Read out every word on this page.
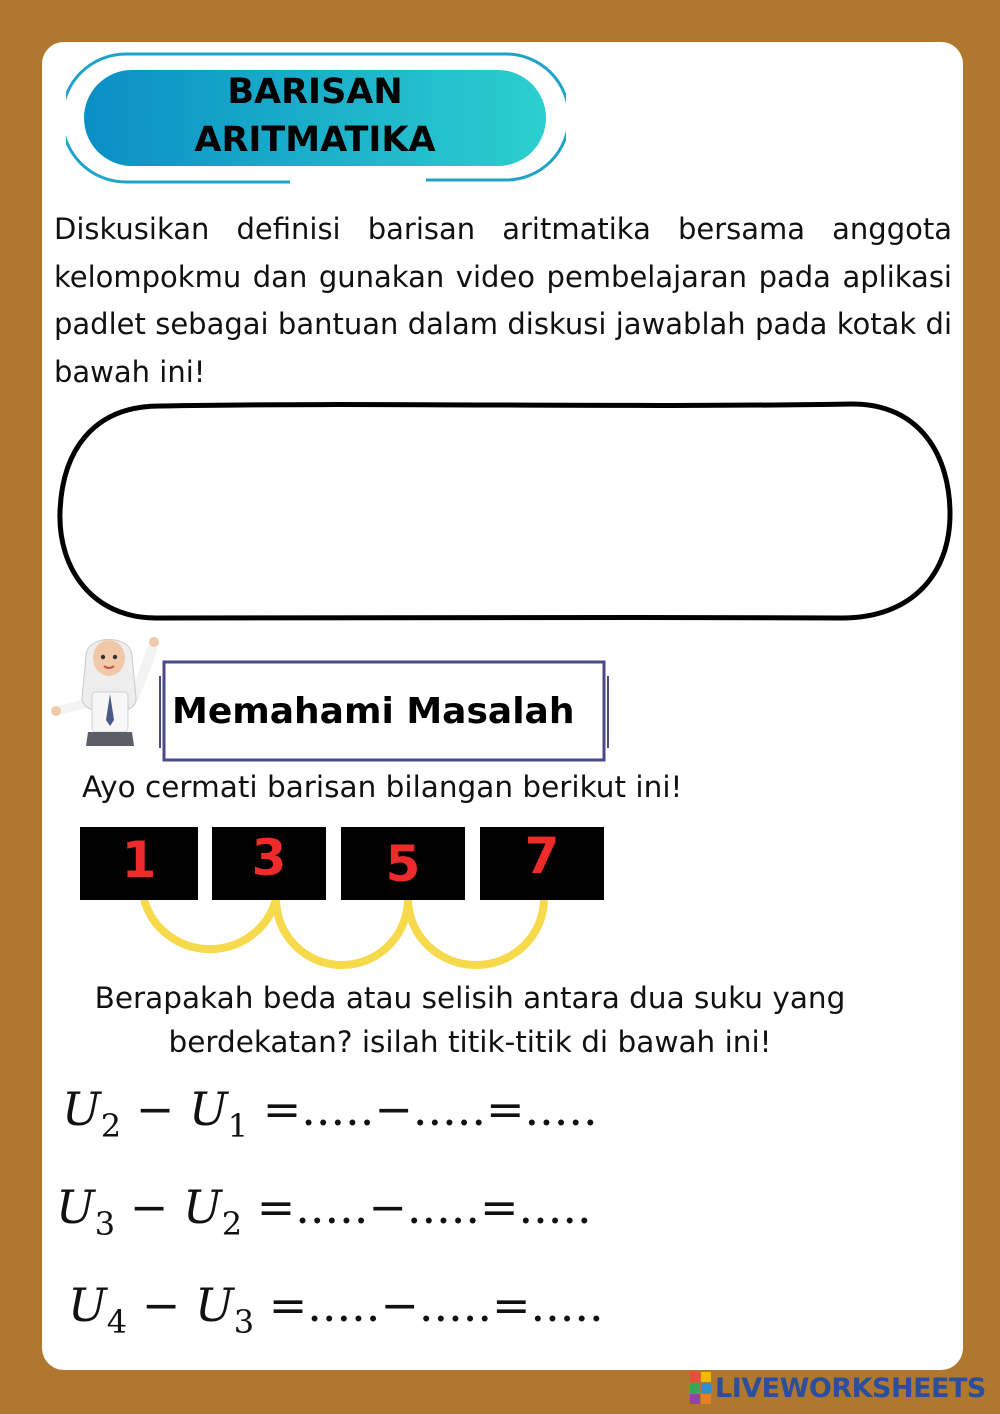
BARISAN
ARITMATIKA
Diskusikan definisi barisan aritmatika bersama anggota kelompokmu dan gunakan video pembelajaran pada aplikasi padlet sebagai bantuan dalam diskusi jawablah pada kotak di bawah ini!
Memahami Masalah
Ayo cermati barisan bilangan berikut ini!
1 3 5 7
Berapakah beda atau selisih antara dua suku yang berdekatan? isilah titik-titik di bawah ini!
$U_2 - U_1$ =.....−.....=.....
$U_3 - U_2$ =.....−.....=.....
$U_4 - U_3$ =.....−.....=.....
LIVEWORKSHEETS
